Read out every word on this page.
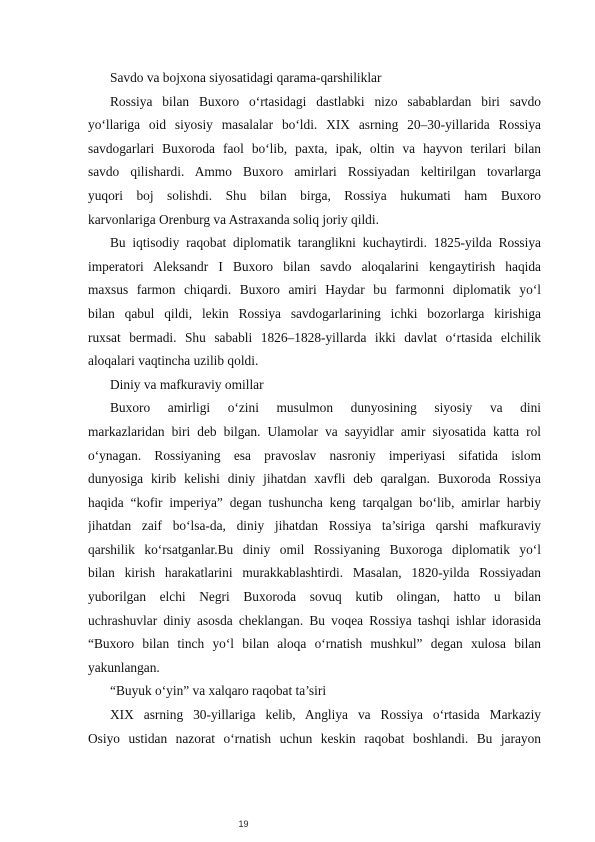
Savdo va bojxona siyosatidagi qarama-qarshiliklar
Rossiya bilan Buxoro o‘rtasidagi dastlabki nizo sabablardan biri savdo
yo‘llariga oid siyosiy masalalar bo‘ldi. XIX asrning 20–30-yillarida Rossiya
savdogarlari Buxoroda faol bo‘lib, paxta, ipak, oltin va hayvon terilari bilan
savdo qilishardi. Ammo Buxoro amirlari Rossiyadan keltirilgan tovarlarga
yuqori boj solishdi. Shu bilan birga, Rossiya hukumati ham Buxoro
karvonlariga Orenburg va Astraxanda soliq joriy qildi.
Bu iqtisodiy raqobat diplomatik taranglikni kuchaytirdi. 1825-yilda Rossiya
imperatori Aleksandr I Buxoro bilan savdo aloqalarini kengaytirish haqida
maxsus farmon chiqardi. Buxoro amiri Haydar bu farmonni diplomatik yo‘l
bilan qabul qildi, lekin Rossiya savdogarlarining ichki bozorlarga kirishiga
ruxsat bermadi. Shu sababli 1826–1828-yillarda ikki davlat o‘rtasida elchilik
aloqalari vaqtincha uzilib qoldi.
Diniy va mafkuraviy omillar
Buxoro amirligi o‘zini musulmon dunyosining siyosiy va dini
markazlaridan biri deb bilgan. Ulamolar va sayyidlar amir siyosatida katta rol
o‘ynagan. Rossiyaning esa pravoslav nasroniy imperiyasi sifatida islom
dunyosiga kirib kelishi diniy jihatdan xavfli deb qaralgan. Buxoroda Rossiya
haqida “kofir imperiya” degan tushuncha keng tarqalgan bo‘lib, amirlar harbiy
jihatdan zaif bo‘lsa-da, diniy jihatdan Rossiya ta’siriga qarshi mafkuraviy
qarshilik ko‘rsatganlar.Bu diniy omil Rossiyaning Buxoroga diplomatik yo‘l
bilan kirish harakatlarini murakkablashtirdi. Masalan, 1820-yilda Rossiyadan
yuborilgan elchi Negri Buxoroda sovuq kutib olingan, hatto u bilan
uchrashuvlar diniy asosda cheklangan. Bu voqea Rossiya tashqi ishlar idorasida
“Buxoro bilan tinch yo‘l bilan aloqa o‘rnatish mushkul” degan xulosa bilan
yakunlangan.
“Buyuk o‘yin” va xalqaro raqobat ta’siri
XIX asrning 30-yillariga kelib, Angliya va Rossiya o‘rtasida Markaziy
Osiyo ustidan nazorat o‘rnatish uchun keskin raqobat boshlandi. Bu jarayon
19
